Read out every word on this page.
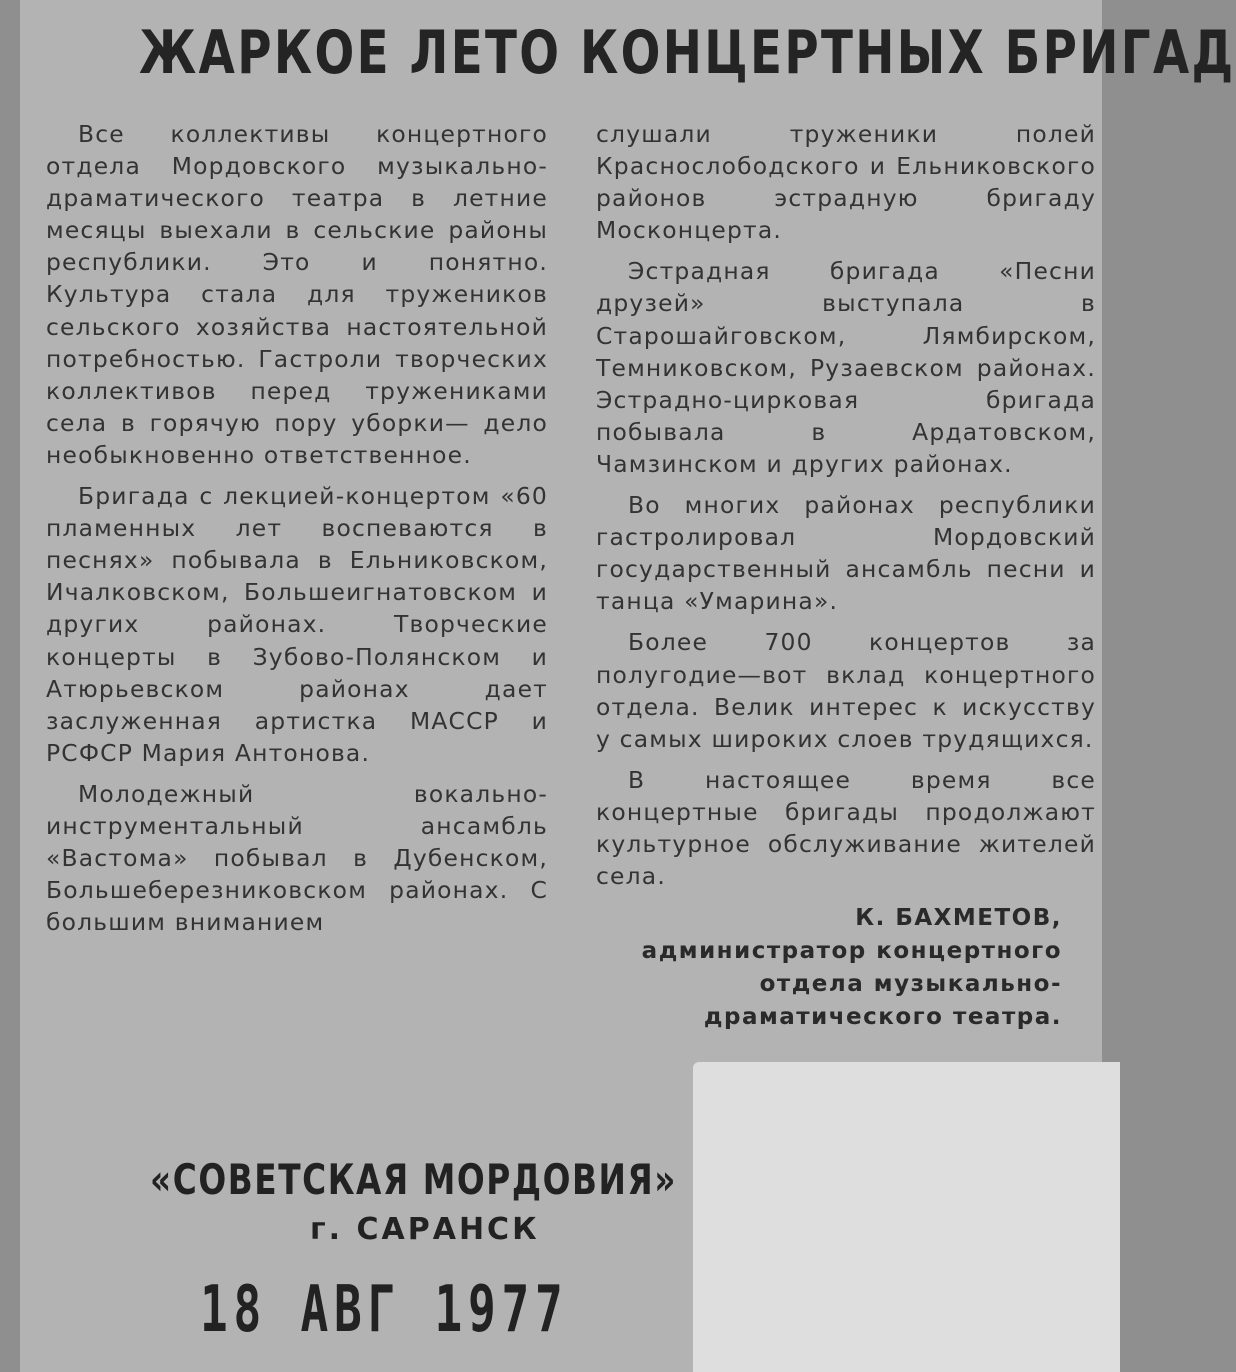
ЖАРКОЕ ЛЕТО КОНЦЕРТНЫХ БРИГАД

Все коллективы концертного отдела Мордовского музыкально-драматического театра в летние месяцы выехали в сельские районы республики. Это и понятно. Культура стала для тружеников сельского хозяйства настоятельной потребностью. Гастроли творческих коллективов перед тружениками села в горячую пору уборки— дело необыкновенно ответственное.

Бригада с лекцией-концертом «60 пламенных лет воспеваются в песнях» побывала в Ельниковском, Ичалковском, Большеигнатовском и других районах. Творческие концерты в Зубово-Полянском и Атюрьевском районах дает заслуженная артистка МАССР и РСФСР Мария Антонова.

Молодежный вокально-инструментальный ансамбль «Вастома» побывал в Дубенском, Большеберезниковском районах. С большим вниманием

слушали труженики полей Краснослободского и Ельниковского районов эстрадную бригаду Москонцерта.

Эстрадная бригада «Песни друзей» выступала в Старошайговском, Лямбирском, Темниковском, Рузаевском районах. Эстрадно-цирковая бригада побывала в Ардатовском, Чамзинском и других районах.

Во многих районах республики гастролировал Мордовский государственный ансамбль песни и танца «Умарина».

Более 700 концертов за полугодие—вот вклад концертного отдела. Велик интерес к искусству у самых широких слоев трудящихся.

В настоящее время все концертные бригады продолжают культурное обслуживание жителей села.

К. БАХМЕТОВ,
администратор концертного
отдела музыкально-
драматического театра.
«СОВЕТСКАЯ МОРДОВИЯ»
г. САРАНСК
18 АВГ 1977
